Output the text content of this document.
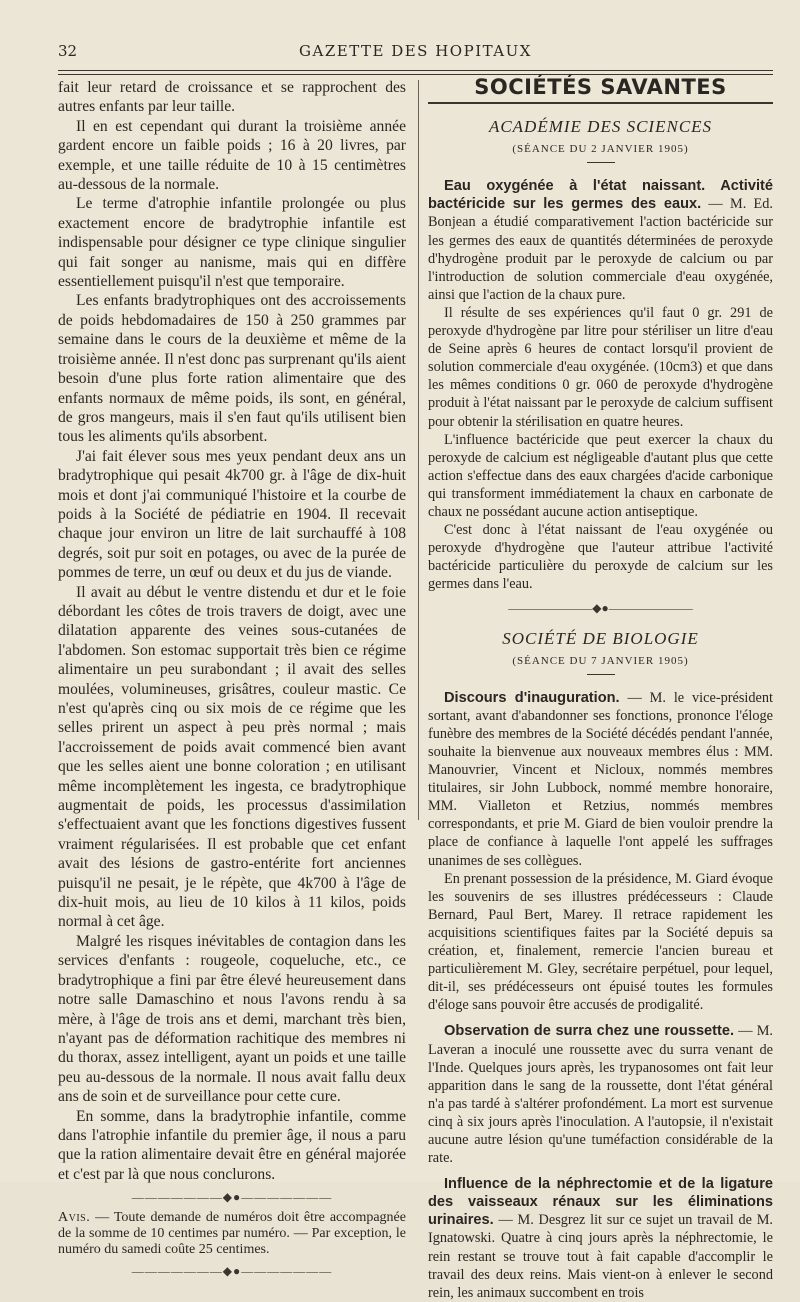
32	GAZETTE DES HOPITAUX

fait leur retard de croissance et se rapprochent des autres enfants par leur taille.

Il en est cependant qui durant la troisième année gardent encore un faible poids ; 16 à 20 livres, par exemple, et une taille réduite de 10 à 15 centimètres au-dessous de la normale.

Le terme d'atrophie infantile prolongée ou plus exactement encore de bradytrophie infantile est indispensable pour désigner ce type clinique singulier qui fait songer au nanisme, mais qui en diffère essentiellement puisqu'il n'est que temporaire.

Les enfants bradytrophiques ont des accroissements de poids hebdomadaires de 150 à 250 grammes par semaine dans le cours de la deuxième et même de la troisième année. Il n'est donc pas surprenant qu'ils aient besoin d'une plus forte ration alimentaire que des enfants normaux de même poids, ils sont, en général, de gros mangeurs, mais il s'en faut qu'ils utilisent bien tous les aliments qu'ils absorbent.

J'ai fait élever sous mes yeux pendant deux ans un bradytrophique qui pesait 4k700 gr. à l'âge de dix-huit mois et dont j'ai communiqué l'histoire et la courbe de poids à la Société de pédiatrie en 1904. Il recevait chaque jour environ un litre de lait surchauffé à 108 degrés, soit pur soit en potages, ou avec de la purée de pommes de terre, un œuf ou deux et du jus de viande.

Il avait au début le ventre distendu et dur et le foie débordant les côtes de trois travers de doigt, avec une dilatation apparente des veines sous-cutanées de l'abdomen. Son estomac supportait très bien ce régime alimentaire un peu surabondant ; il avait des selles moulées, volumineuses, grisâtres, couleur mastic. Ce n'est qu'après cinq ou six mois de ce régime que les selles prirent un aspect à peu près normal ; mais l'accroissement de poids avait commencé bien avant que les selles aient une bonne coloration ; en utilisant même incomplètement les ingesta, ce bradytrophique augmentait de poids, les processus d'assimilation s'effectuaient avant que les fonctions digestives fussent vraiment régularisées. Il est probable que cet enfant avait des lésions de gastro-entérite fort anciennes puisqu'il ne pesait, je le répète, que 4k700 à l'âge de dix-huit mois, au lieu de 10 kilos à 11 kilos, poids normal à cet âge.

Malgré les risques inévitables de contagion dans les services d'enfants : rougeole, coqueluche, etc., ce bradytrophique a fini par être élevé heureusement dans notre salle Damaschino et nous l'avons rendu à sa mère, à l'âge de trois ans et demi, marchant très bien, n'ayant pas de déformation rachitique des membres ni du thorax, assez intelligent, ayant un poids et une taille peu au-dessous de la normale. Il nous avait fallu deux ans de soin et de surveillance pour cette cure.

En somme, dans la bradytrophie infantile, comme dans l'atrophie infantile du premier âge, il nous a paru que la ration alimentaire devait être en général majorée et c'est par là que nous conclurons.

———————◆●———————

Avis. — Toute demande de numéros doit être accompagnée de la somme de 10 centimes par numéro. — Par exception, le numéro du samedi coûte 25 centimes.

———————◆●———————
SOCIÉTÉS SAVANTES
ACADÉMIE DES SCIENCES
(SÉANCE DU 2 JANVIER 1905)

Eau oxygénée à l'état naissant. Activité bactéricide sur les germes des eaux. — M. Ed. Bonjean a étudié comparativement l'action bactéricide sur les germes des eaux de quantités déterminées de peroxyde d'hydrogène produit par le peroxyde de calcium ou par l'introduction de solution commerciale d'eau oxygénée, ainsi que l'action de la chaux pure.

Il résulte de ses expériences qu'il faut 0 gr. 291 de peroxyde d'hydrogène par litre pour stériliser un litre d'eau de Seine après 6 heures de contact lorsqu'il provient de solution commerciale d'eau oxygénée. (10cm3) et que dans les mêmes conditions 0 gr. 060 de peroxyde d'hydrogène produit à l'état naissant par le peroxyde de calcium suffisent pour obtenir la stérilisation en quatre heures.

L'influence bactéricide que peut exercer la chaux du peroxyde de calcium est négligeable d'autant plus que cette action s'effectue dans des eaux chargées d'acide carbonique qui transforment immédiatement la chaux en carbonate de chaux ne possédant aucune action antiseptique.

C'est donc à l'état naissant de l'eau oxygénée ou peroxyde d'hydrogène que l'auteur attribue l'activité bactéricide particulière du peroxyde de calcium sur les germes dans l'eau.

———————◆●———————
SOCIÉTÉ DE BIOLOGIE
(SÉANCE DU 7 JANVIER 1905)

Discours d'inauguration. — M. le vice-président sortant, avant d'abandonner ses fonctions, prononce l'éloge funèbre des membres de la Société décédés pendant l'année, souhaite la bienvenue aux nouveaux membres élus : MM. Manouvrier, Vincent et Nicloux, nommés membres titulaires, sir John Lubbock, nommé membre honoraire, MM. Vialleton et Retzius, nommés membres correspondants, et prie M. Giard de bien vouloir prendre la place de confiance à laquelle l'ont appelé les suffrages unanimes de ses collègues.

En prenant possession de la présidence, M. Giard évoque les souvenirs de ses illustres prédécesseurs : Claude Bernard, Paul Bert, Marey. Il retrace rapidement les acquisitions scientifiques faites par la Société depuis sa création, et, finalement, remercie l'ancien bureau et particulièrement M. Gley, secrétaire perpétuel, pour lequel, dit-il, ses prédécesseurs ont épuisé toutes les formules d'éloge sans pouvoir être accusés de prodigalité.

Observation de surra chez une roussette. — M. Laveran a inoculé une roussette avec du surra venant de l'Inde. Quelques jours après, les trypanosomes ont fait leur apparition dans le sang de la roussette, dont l'état général n'a pas tardé à s'altérer profondément. La mort est survenue cinq à six jours après l'inoculation. A l'autopsie, il n'existait aucune autre lésion qu'une tuméfaction considérable de la rate.

Influence de la néphrectomie et de la ligature des vaisseaux rénaux sur les éliminations urinaires. — M. Desgrez lit sur ce sujet un travail de M. Ignatowski. Quatre à cinq jours après la néphrectomie, le rein restant se trouve tout à fait capable d'accomplir le travail des deux reins. Mais vient-on à enlever le second rein, les animaux succombent en trois
